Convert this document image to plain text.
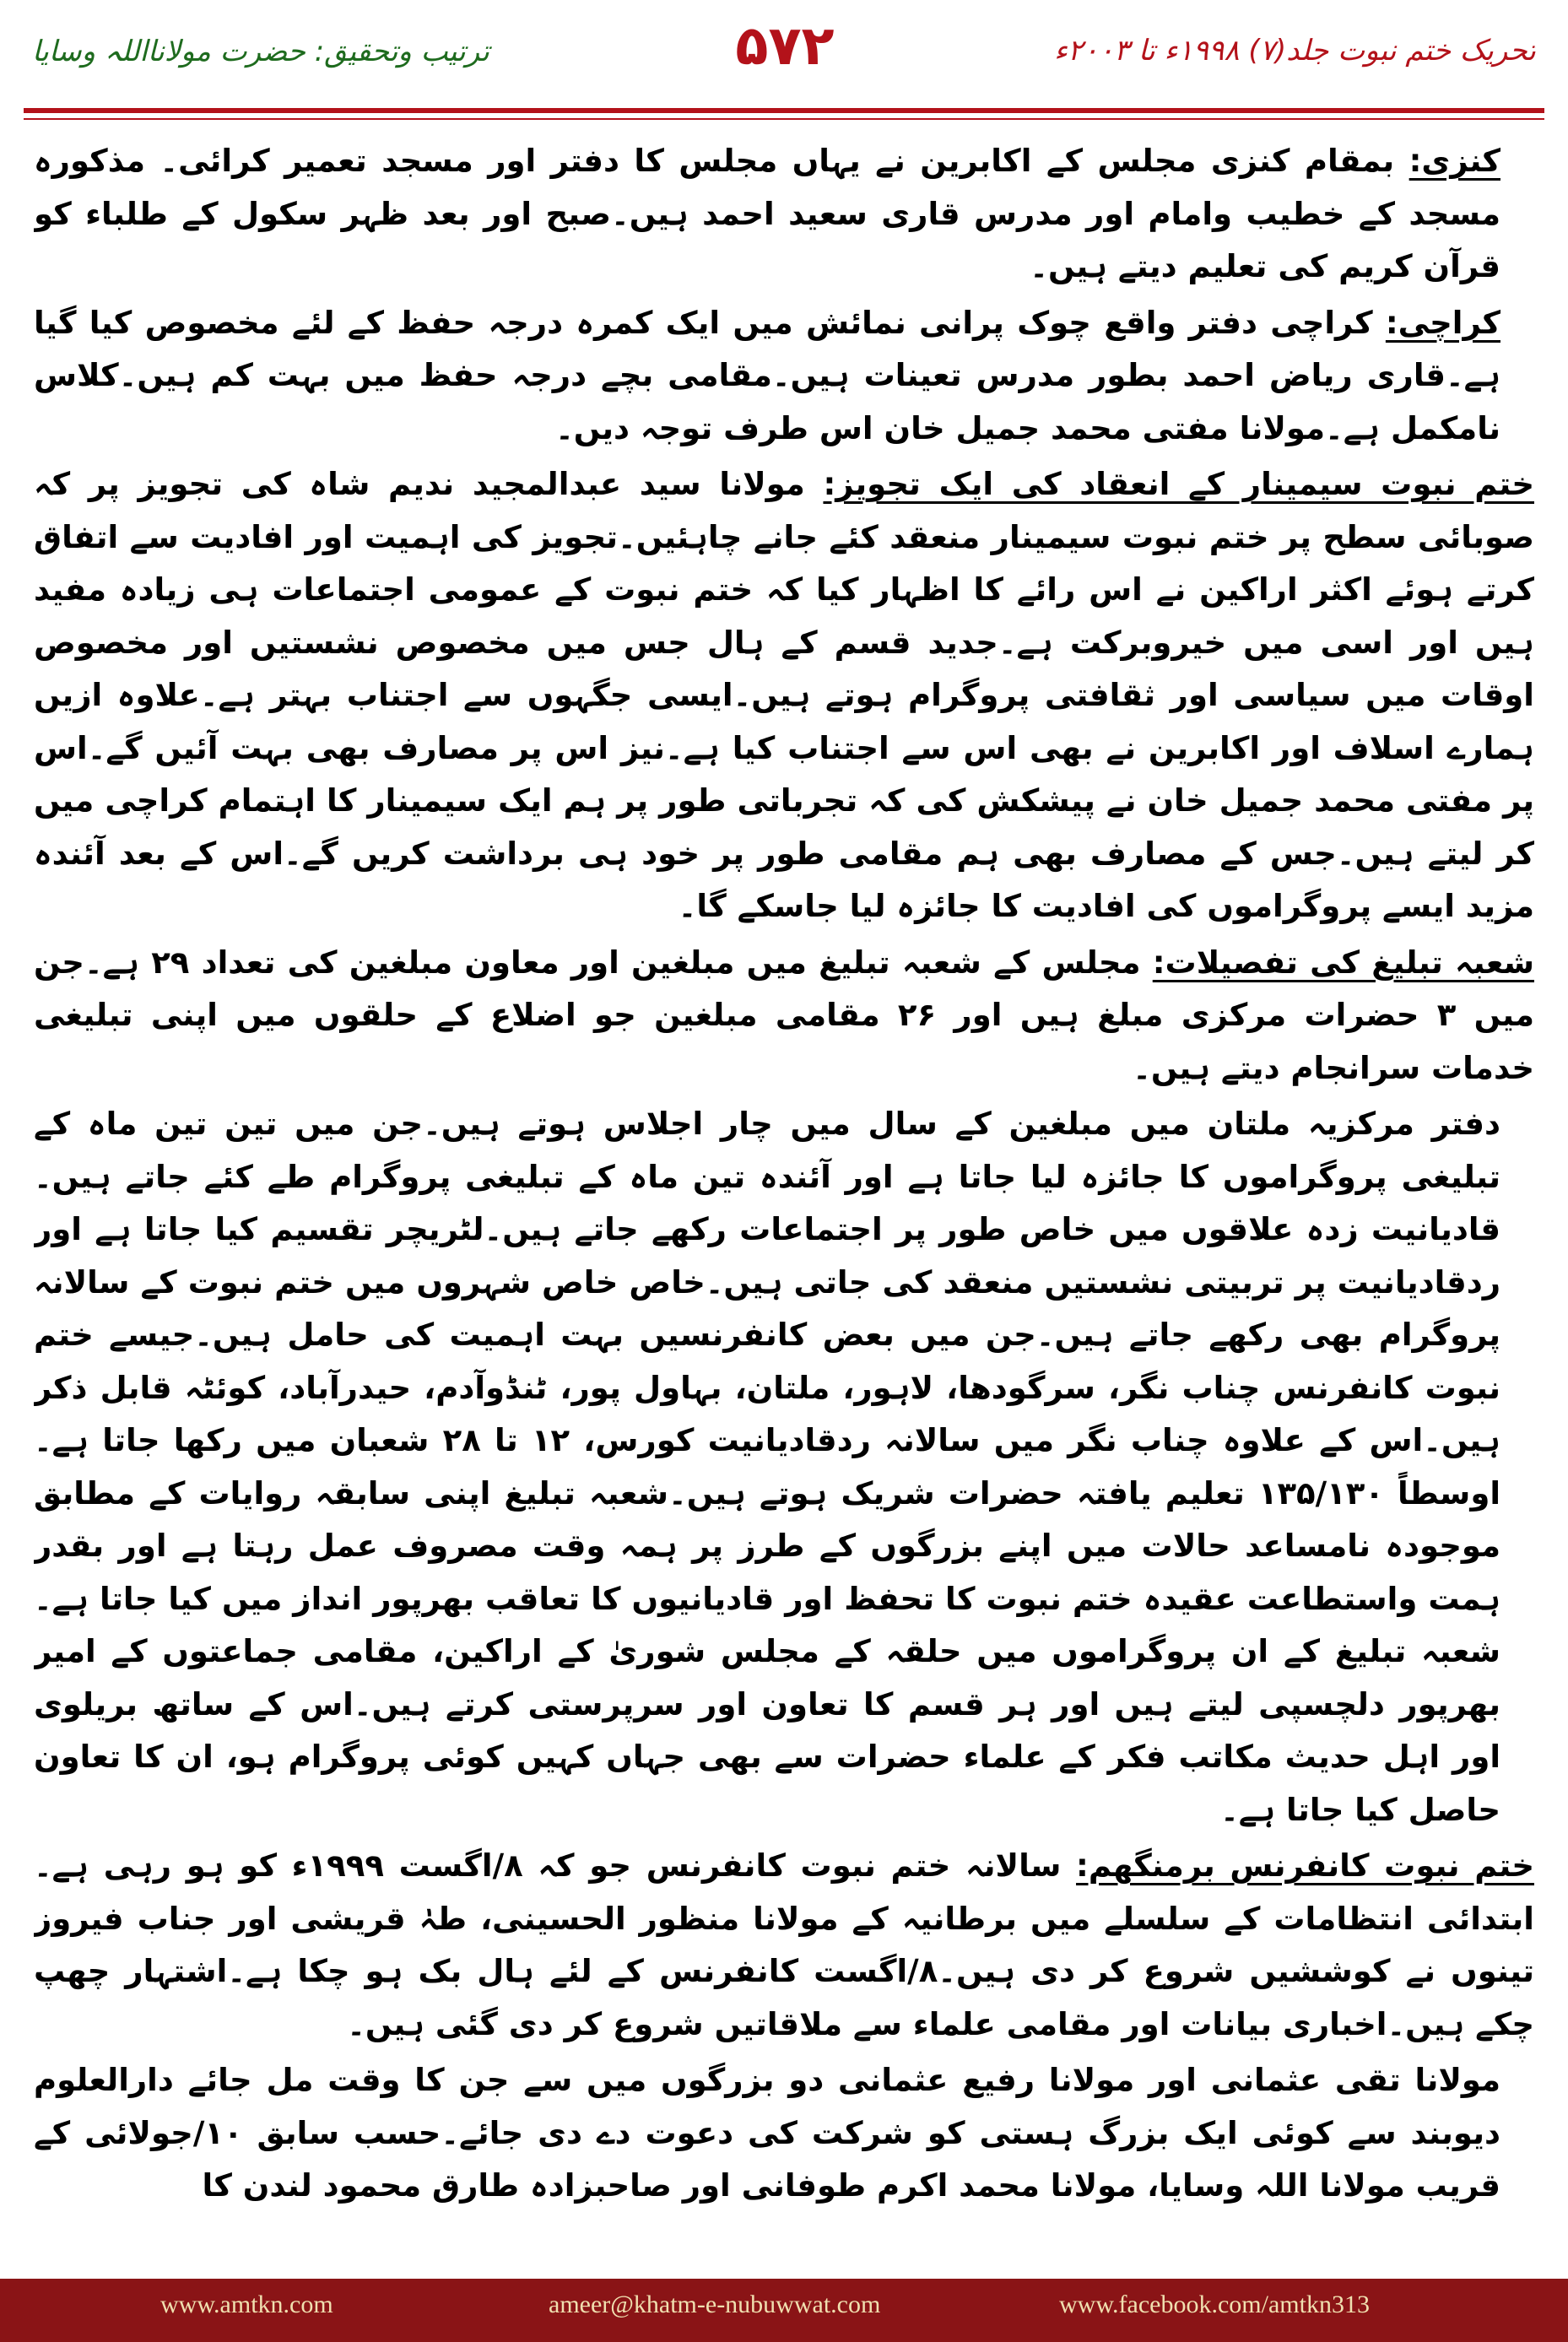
ترتیب وتحقیق: حضرت مولانااللہ وسایا	۵۷۲	تحریک ختم نبوت جلد(۷) ۱۹۹۸ء تا ۲۰۰۳ء

کنزی: بمقام کنزی مجلس کے اکابرین نے یہاں مجلس کا دفتر اور مسجد تعمیر کرائی۔ مذکورہ مسجد کے خطیب وامام اور مدرس قاری سعید احمد ہیں۔صبح اور بعد ظہر سکول کے طلباء کو قرآن کریم کی تعلیم دیتے ہیں۔

کراچی: کراچی دفتر واقع چوک پرانی نمائش میں ایک کمرہ درجہ حفظ کے لئے مخصوص کیا گیا ہے۔قاری ریاض احمد بطور مدرس تعینات ہیں۔مقامی بچے درجہ حفظ میں بہت کم ہیں۔کلاس نامکمل ہے۔مولانا مفتی محمد جمیل خان اس طرف توجہ دیں۔

ختم نبوت سیمینار کے انعقاد کی ایک تجویز: مولانا سید عبدالمجید ندیم شاہ کی تجویز پر کہ صوبائی سطح پر ختم نبوت سیمینار منعقد کئے جانے چاہئیں۔تجویز کی اہمیت اور افادیت سے اتفاق کرتے ہوئے اکثر اراکین نے اس رائے کا اظہار کیا کہ ختم نبوت کے عمومی اجتماعات ہی زیادہ مفید ہیں اور اسی میں خیروبرکت ہے۔جدید قسم کے ہال جس میں مخصوص نشستیں اور مخصوص اوقات میں سیاسی اور ثقافتی پروگرام ہوتے ہیں۔ایسی جگہوں سے اجتناب بہتر ہے۔علاوہ ازیں ہمارے اسلاف اور اکابرین نے بھی اس سے اجتناب کیا ہے۔نیز اس پر مصارف بھی بہت آئیں گے۔اس پر مفتی محمد جمیل خان نے پیشکش کی کہ تجرباتی طور پر ہم ایک سیمینار کا اہتمام کراچی میں کر لیتے ہیں۔جس کے مصارف بھی ہم مقامی طور پر خود ہی برداشت کریں گے۔اس کے بعد آئندہ مزید ایسے پروگراموں کی افادیت کا جائزہ لیا جاسکے گا۔

شعبہ تبلیغ کی تفصیلات: مجلس کے شعبہ تبلیغ میں مبلغین اور معاون مبلغین کی تعداد ۲۹ ہے۔جن میں ۳ حضرات مرکزی مبلغ ہیں اور ۲۶ مقامی مبلغین جو اضلاع کے حلقوں میں اپنی تبلیغی خدمات سرانجام دیتے ہیں۔

دفتر مرکزیہ ملتان میں مبلغین کے سال میں چار اجلاس ہوتے ہیں۔جن میں تین تین ماہ کے تبلیغی پروگراموں کا جائزہ لیا جاتا ہے اور آئندہ تین ماہ کے تبلیغی پروگرام طے کئے جاتے ہیں۔قادیانیت زدہ علاقوں میں خاص طور پر اجتماعات رکھے جاتے ہیں۔لٹریچر تقسیم کیا جاتا ہے اور ردقادیانیت پر تربیتی نشستیں منعقد کی جاتی ہیں۔خاص خاص شہروں میں ختم نبوت کے سالانہ پروگرام بھی رکھے جاتے ہیں۔جن میں بعض کانفرنسیں بہت اہمیت کی حامل ہیں۔جیسے ختم نبوت کانفرنس چناب نگر، سرگودھا، لاہور، ملتان، بہاول پور، ٹنڈوآدم، حیدرآباد، کوئٹہ قابل ذکر ہیں۔اس کے علاوہ چناب نگر میں سالانہ ردقادیانیت کورس، ۱۲ تا ۲۸ شعبان میں رکھا جاتا ہے۔اوسطاً ۱۳۵/۱۳۰ تعلیم یافتہ حضرات شریک ہوتے ہیں۔شعبہ تبلیغ اپنی سابقہ روایات کے مطابق موجودہ نامساعد حالات میں اپنے بزرگوں کے طرز پر ہمہ وقت مصروف عمل رہتا ہے اور بقدر ہمت واستطاعت عقیدہ ختم نبوت کا تحفظ اور قادیانیوں کا تعاقب بھرپور انداز میں کیا جاتا ہے۔شعبہ تبلیغ کے ان پروگراموں میں حلقہ کے مجلس شوریٰ کے اراکین، مقامی جماعتوں کے امیر بھرپور دلچسپی لیتے ہیں اور ہر قسم کا تعاون اور سرپرستی کرتے ہیں۔اس کے ساتھ بریلوی اور اہل حدیث مکاتب فکر کے علماء حضرات سے بھی جہاں کہیں کوئی پروگرام ہو، ان کا تعاون حاصل کیا جاتا ہے۔

ختم نبوت کانفرنس برمنگھم: سالانہ ختم نبوت کانفرنس جو کہ ۸/اگست ۱۹۹۹ء کو ہو رہی ہے۔ابتدائی انتظامات کے سلسلے میں برطانیہ کے مولانا منظور الحسینی، طہٰ قریشی اور جناب فیروز تینوں نے کوششیں شروع کر دی ہیں۔۸/اگست کانفرنس کے لئے ہال بک ہو چکا ہے۔اشتہار چھپ چکے ہیں۔اخباری بیانات اور مقامی علماء سے ملاقاتیں شروع کر دی گئی ہیں۔

مولانا تقی عثمانی اور مولانا رفیع عثمانی دو بزرگوں میں سے جن کا وقت مل جائے دارالعلوم دیوبند سے کوئی ایک بزرگ ہستی کو شرکت کی دعوت دے دی جائے۔حسب سابق ۱۰/جولائی کے قریب مولانا اللہ وسایا، مولانا محمد اکرم طوفانی اور صاحبزادہ طارق محمود لندن کا

www.amtkn.com	ameer@khatm-e-nubuwwat.com	www.facebook.com/amtkn313
